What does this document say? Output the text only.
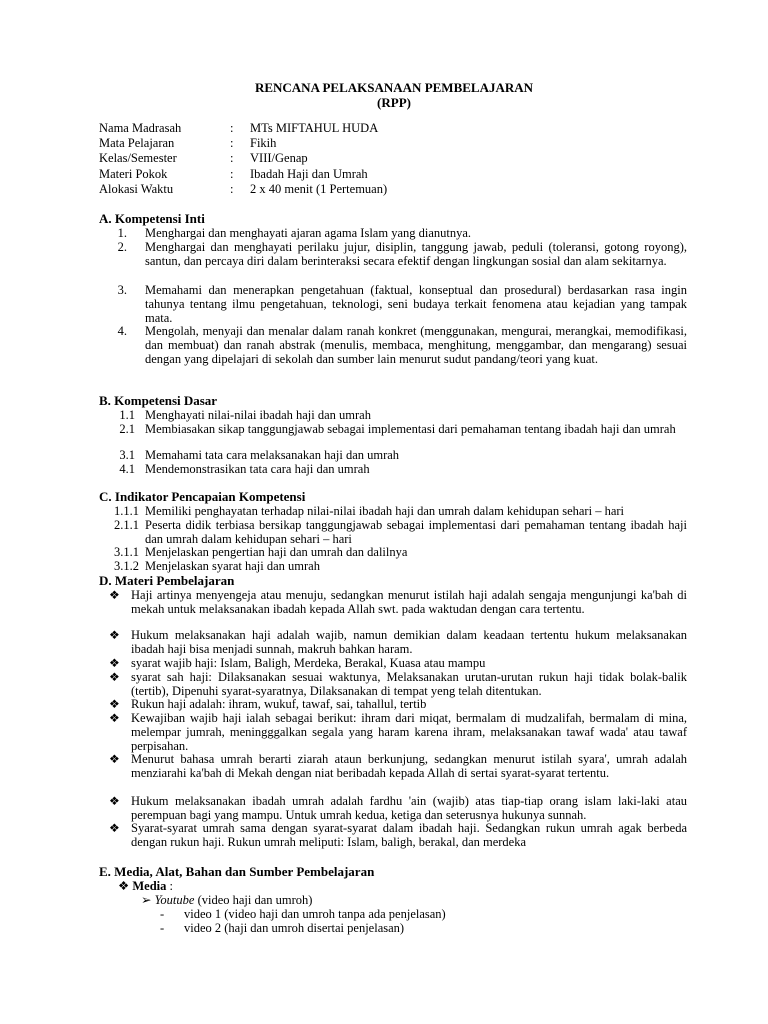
RENCANA PELAKSANAAN PEMBELAJARAN
(RPP)
Nama Madrasah	: MTs MIFTAHUL HUDA
Mata Pelajaran	: Fikih
Kelas/Semester	: VIII/Genap
Materi Pokok	: Ibadah Haji dan Umrah
Alokasi Waktu	: 2 x 40 menit (1 Pertemuan)
A. Kompetensi Inti
1. Menghargai dan menghayati ajaran agama Islam yang dianutnya.
2. Menghargai dan menghayati perilaku jujur, disiplin, tanggung jawab, peduli (toleransi, gotong royong), santun, dan percaya diri dalam berinteraksi secara efektif dengan lingkungan sosial dan alam sekitarnya.
3. Memahami dan menerapkan pengetahuan (faktual, konseptual dan prosedural) berdasarkan rasa ingin tahunya tentang ilmu pengetahuan, teknologi, seni budaya terkait fenomena atau kejadian yang tampak mata.
4. Mengolah, menyaji dan menalar dalam ranah konkret (menggunakan, mengurai, merangkai, memodifikasi, dan membuat) dan ranah abstrak (menulis, membaca, menghitung, menggambar, dan mengarang) sesuai dengan yang dipelajari di sekolah dan sumber lain menurut sudut pandang/teori yang kuat.
B. Kompetensi Dasar
1.1 Menghayati nilai-nilai ibadah haji dan umrah
2.1 Membiasakan sikap tanggungjawab sebagai implementasi dari pemahaman tentang ibadah haji dan umrah
3.1 Memahami tata cara melaksanakan haji dan umrah
4.1 Mendemonstrasikan tata cara haji dan umrah
C. Indikator Pencapaian Kompetensi
1.1.1 Memiliki penghayatan terhadap nilai-nilai ibadah haji dan umrah dalam kehidupan sehari – hari
2.1.1 Peserta didik terbiasa bersikap tanggungjawab sebagai implementasi dari pemahaman tentang ibadah haji dan umrah dalam kehidupan sehari – hari
3.1.1 Menjelaskan pengertian haji dan umrah dan dalilnya
3.1.2 Menjelaskan syarat haji dan umrah
D. Materi Pembelajaran
❖ Haji artinya menyengeja atau menuju, sedangkan menurut istilah haji adalah sengaja mengunjungi ka'bah di mekah untuk melaksanakan ibadah kepada Allah swt. pada waktudan dengan cara tertentu.
❖ Hukum melaksanakan haji adalah wajib, namun demikian dalam keadaan tertentu hukum melaksanakan ibadah haji bisa menjadi sunnah, makruh bahkan haram.
❖ syarat wajib haji: Islam, Baligh, Merdeka, Berakal, Kuasa atau mampu
❖ syarat sah haji: Dilaksanakan sesuai waktunya, Melaksanakan urutan-urutan rukun haji tidak bolak-balik (tertib), Dipenuhi syarat-syaratnya, Dilaksanakan di tempat yeng telah ditentukan.
❖ Rukun haji adalah: ihram, wukuf, tawaf, sai, tahallul, tertib
❖ Kewajiban wajib haji ialah sebagai berikut: ihram dari miqat, bermalam di mudzalifah, bermalam di mina, melempar jumrah, meningggalkan segala yang haram karena ihram, melaksanakan tawaf wada' atau tawaf perpisahan.
❖ Menurut bahasa umrah berarti ziarah ataun berkunjung, sedangkan menurut istilah syara', umrah adalah menziarahi ka'bah di Mekah dengan niat beribadah kepada Allah di sertai syarat-syarat tertentu.
❖ Hukum melaksanakan ibadah umrah adalah fardhu 'ain (wajib) atas tiap-tiap orang islam laki-laki atau perempuan bagi yang mampu. Untuk umrah kedua, ketiga dan seterusnya hukunya sunnah.
❖ Syarat-syarat umrah sama dengan syarat-syarat dalam ibadah haji. Sedangkan rukun umrah agak berbeda dengan rukun haji. Rukun umrah meliputi: Islam, baligh, berakal, dan merdeka
E. Media, Alat, Bahan dan Sumber Pembelajaran
❖ Media :
➢ Youtube (video haji dan umroh)
- video 1 (video haji dan umroh tanpa ada penjelasan)
- video 2 (haji dan umroh disertai penjelasan)
